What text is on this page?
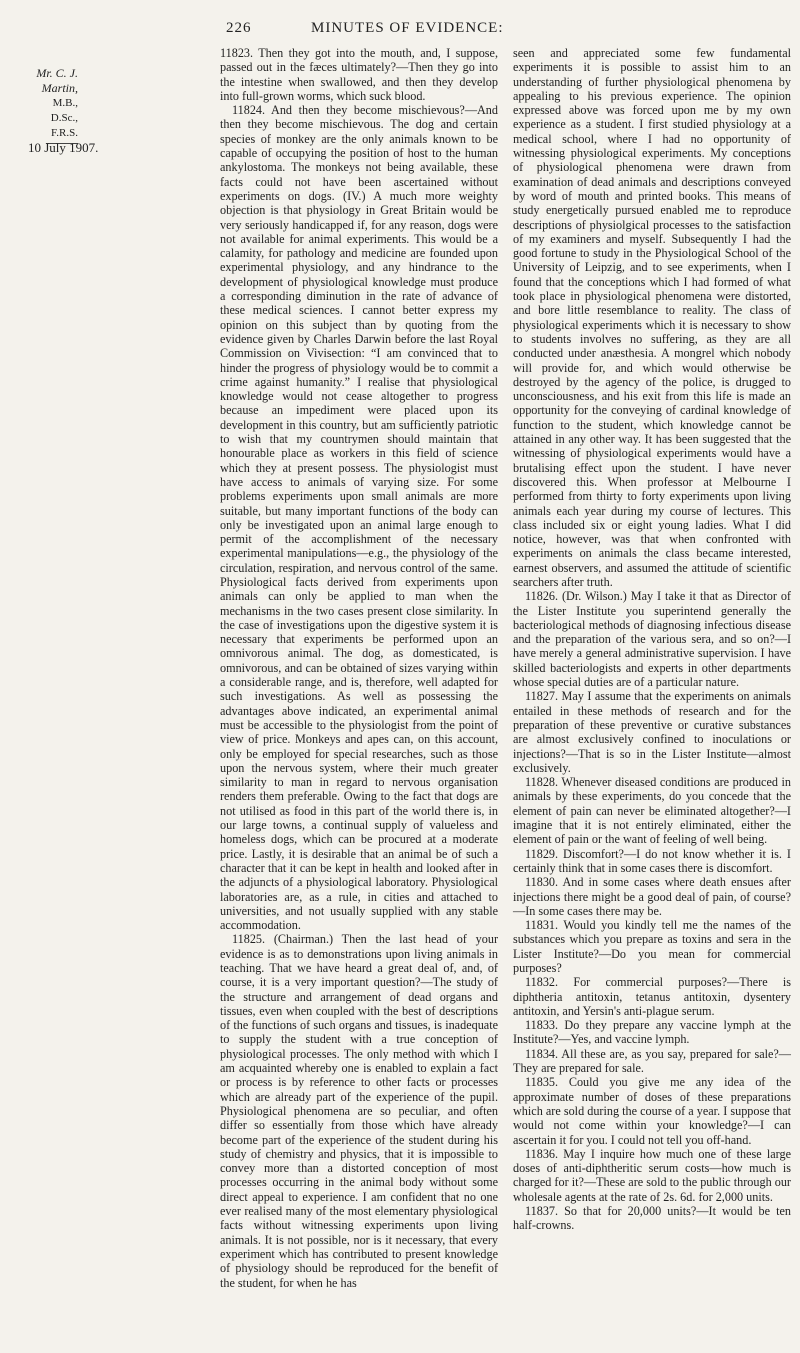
226	MINUTES OF EVIDENCE:
Mr. C. J.
Martin,
M.B., D.Sc.,
F.R.S.
10 July 1907.

11823. Then they got into the mouth, and, I suppose, passed out in the fæces ultimately?—Then they go into the intestine when swallowed, and then they develop into full-grown worms, which suck blood.

11824. And then they become mischievous?—And then they become mischievous. The dog and certain species of monkey are the only animals known to be capable of occupying the position of host to the human ankylostoma. The monkeys not being available, these facts could not have been ascertained without experiments on dogs. (IV.) A much more weighty objection is that physiology in Great Britain would be very seriously handicapped if, for any reason, dogs were not available for animal experiments. This would be a calamity, for pathology and medicine are founded upon experimental physiology, and any hindrance to the development of physiological knowledge must produce a corresponding diminution in the rate of advance of these medical sciences. I cannot better express my opinion on this subject than by quoting from the evidence given by Charles Darwin before the last Royal Commission on Vivisection: “I am convinced that to hinder the progress of physiology would be to commit a crime against humanity.” I realise that physiological knowledge would not cease altogether to progress because an impediment were placed upon its development in this country, but am sufficiently patriotic to wish that my countrymen should maintain that honourable place as workers in this field of science which they at present possess. The physiologist must have access to animals of varying size. For some problems experiments upon small animals are more suitable, but many important functions of the body can only be investigated upon an animal large enough to permit of the accomplishment of the necessary experimental manipulations—e.g., the physiology of the circulation, respiration, and nervous control of the same. Physiological facts derived from experiments upon animals can only be applied to man when the mechanisms in the two cases present close similarity. In the case of investigations upon the digestive system it is necessary that experiments be performed upon an omnivorous animal. The dog, as domesticated, is omnivorous, and can be obtained of sizes varying within a considerable range, and is, therefore, well adapted for such investigations. As well as possessing the advantages above indicated, an experimental animal must be accessible to the physiologist from the point of view of price. Monkeys and apes can, on this account, only be employed for special researches, such as those upon the nervous system, where their much greater similarity to man in regard to nervous organisation renders them preferable. Owing to the fact that dogs are not utilised as food in this part of the world there is, in our large towns, a continual supply of valueless and homeless dogs, which can be procured at a moderate price. Lastly, it is desirable that an animal be of such a character that it can be kept in health and looked after in the adjuncts of a physiological laboratory. Physiological laboratories are, as a rule, in cities and attached to universities, and not usually supplied with any stable accommodation.

11825. (Chairman.) Then the last head of your evidence is as to demonstrations upon living animals in teaching. That we have heard a great deal of, and, of course, it is a very important question?—The study of the structure and arrangement of dead organs and tissues, even when coupled with the best of descriptions of the functions of such organs and tissues, is inadequate to supply the student with a true conception of physiological processes. The only method with which I am acquainted whereby one is enabled to explain a fact or process is by reference to other facts or processes which are already part of the experience of the pupil. Physiological phenomena are so peculiar, and often differ so essentially from those which have already become part of the experience of the student during his study of chemistry and physics, that it is impossible to convey more than a distorted conception of most processes occurring in the animal body without some direct appeal to experience. I am confident that no one ever realised many of the most elementary physiological facts without witnessing experiments upon living animals. It is not possible, nor is it necessary, that every experiment which has contributed to present knowledge of physiology should be reproduced for the benefit of the student, for when he has

seen and appreciated some few fundamental experiments it is possible to assist him to an understanding of further physiological phenomena by appealing to his previous experience. The opinion expressed above was forced upon me by my own experience as a student. I first studied physiology at a medical school, where I had no opportunity of witnessing physiological experiments. My conceptions of physiological phenomena were drawn from examination of dead animals and descriptions conveyed by word of mouth and printed books. This means of study energetically pursued enabled me to reproduce descriptions of physiolgical processes to the satisfaction of my examiners and myself. Subsequently I had the good fortune to study in the Physiological School of the University of Leipzig, and to see experiments, when I found that the conceptions which I had formed of what took place in physiological phenomena were distorted, and bore little resemblance to reality. The class of physiological experiments which it is necessary to show to students involves no suffering, as they are all conducted under anæsthesia. A mongrel which nobody will provide for, and which would otherwise be destroyed by the agency of the police, is drugged to unconsciousness, and his exit from this life is made an opportunity for the conveying of cardinal knowledge of function to the student, which knowledge cannot be attained in any other way. It has been suggested that the witnessing of physiological experiments would have a brutalising effect upon the student. I have never discovered this. When professor at Melbourne I performed from thirty to forty experiments upon living animals each year during my course of lectures. This class included six or eight young ladies. What I did notice, however, was that when confronted with experiments on animals the class became interested, earnest observers, and assumed the attitude of scientific searchers after truth.

11826. (Dr. Wilson.) May I take it that as Director of the Lister Institute you superintend generally the bacteriological methods of diagnosing infectious disease and the preparation of the various sera, and so on?—I have merely a general administrative supervision. I have skilled bacteriologists and experts in other departments whose special duties are of a particular nature.

11827. May I assume that the experiments on animals entailed in these methods of research and for the preparation of these preventive or curative substances are almost exclusively confined to inoculations or injections?—That is so in the Lister Institute—almost exclusively.

11828. Whenever diseased conditions are produced in animals by these experiments, do you concede that the element of pain can never be eliminated altogether?—I imagine that it is not entirely eliminated, either the element of pain or the want of feeling of well being.

11829. Discomfort?—I do not know whether it is. I certainly think that in some cases there is discomfort.

11830. And in some cases where death ensues after injections there might be a good deal of pain, of course?—In some cases there may be.

11831. Would you kindly tell me the names of the substances which you prepare as toxins and sera in the Lister Institute?—Do you mean for commercial purposes?

11832. For commercial purposes?—There is diphtheria antitoxin, tetanus antitoxin, dysentery antitoxin, and Yersin's anti-plague serum.

11833. Do they prepare any vaccine lymph at the Institute?—Yes, and vaccine lymph.

11834. All these are, as you say, prepared for sale?—They are prepared for sale.

11835. Could you give me any idea of the approximate number of doses of these preparations which are sold during the course of a year. I suppose that would not come within your knowledge?—I can ascertain it for you. I could not tell you off-hand.

11836. May I inquire how much one of these large doses of anti-diphtheritic serum costs—how much is charged for it?—These are sold to the public through our wholesale agents at the rate of 2s. 6d. for 2,000 units.

11837. So that for 20,000 units?—It would be ten half-crowns.
